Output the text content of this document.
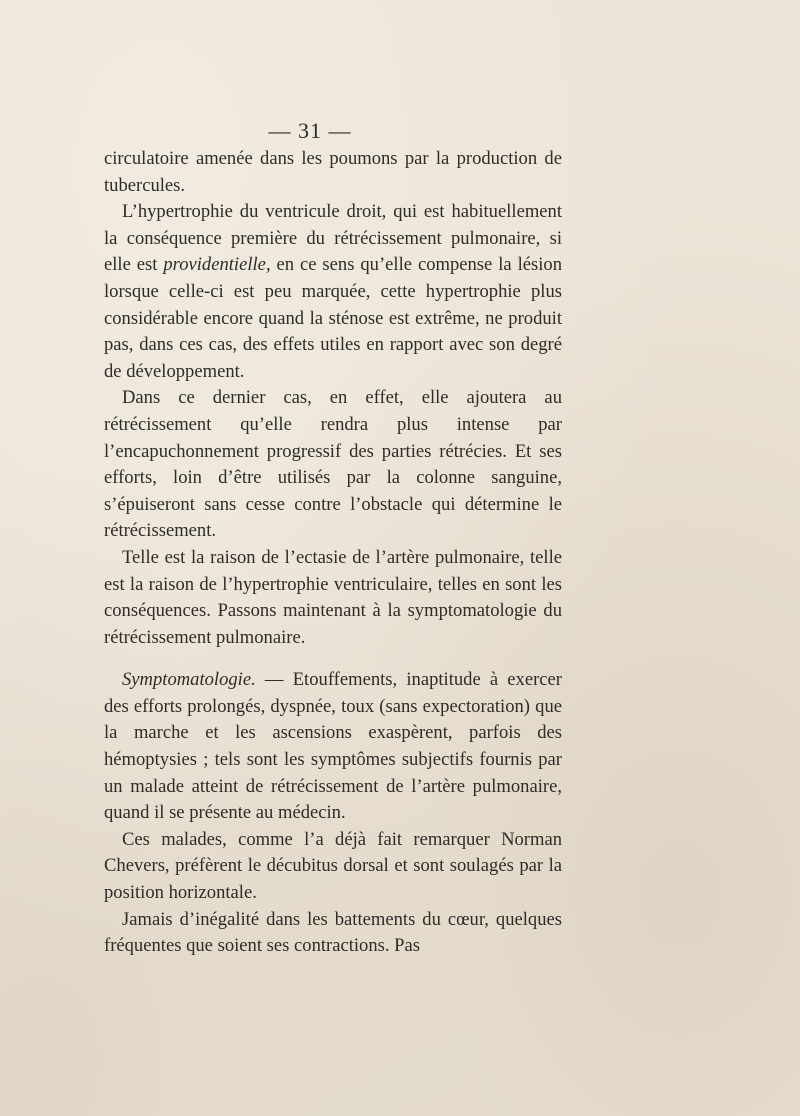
— 31 —

circulatoire amenée dans les poumons par la production de tubercules.

L’hypertrophie du ventricule droit, qui est habituellement la conséquence première du rétrécissement pulmonaire, si elle est providentielle, en ce sens qu’elle compense la lésion lorsque celle-ci est peu marquée, cette hypertrophie plus considérable encore quand la sténose est extrême, ne produit pas, dans ces cas, des effets utiles en rapport avec son degré de développement.

Dans ce dernier cas, en effet, elle ajoutera au rétrécissement qu’elle rendra plus intense par l’encapuchonnement progressif des parties rétrécies. Et ses efforts, loin d’être utilisés par la colonne sanguine, s’épuiseront sans cesse contre l’obstacle qui détermine le rétrécissement.

Telle est la raison de l’ectasie de l’artère pulmonaire, telle est la raison de l’hypertrophie ventriculaire, telles en sont les conséquences. Passons maintenant à la symptomatologie du rétrécissement pulmonaire.

Symptomatologie. — Etouffements, inaptitude à exercer des efforts prolongés, dyspnée, toux (sans expectoration) que la marche et les ascensions exaspèrent, parfois des hémoptysies ; tels sont les symptômes subjectifs fournis par un malade atteint de rétrécissement de l’artère pulmonaire, quand il se présente au médecin.

Ces malades, comme l’a déjà fait remarquer Norman Chevers, préfèrent le décubitus dorsal et sont soulagés par la position horizontale.

Jamais d’inégalité dans les battements du cœur, quelques fréquentes que soient ses contractions. Pas
